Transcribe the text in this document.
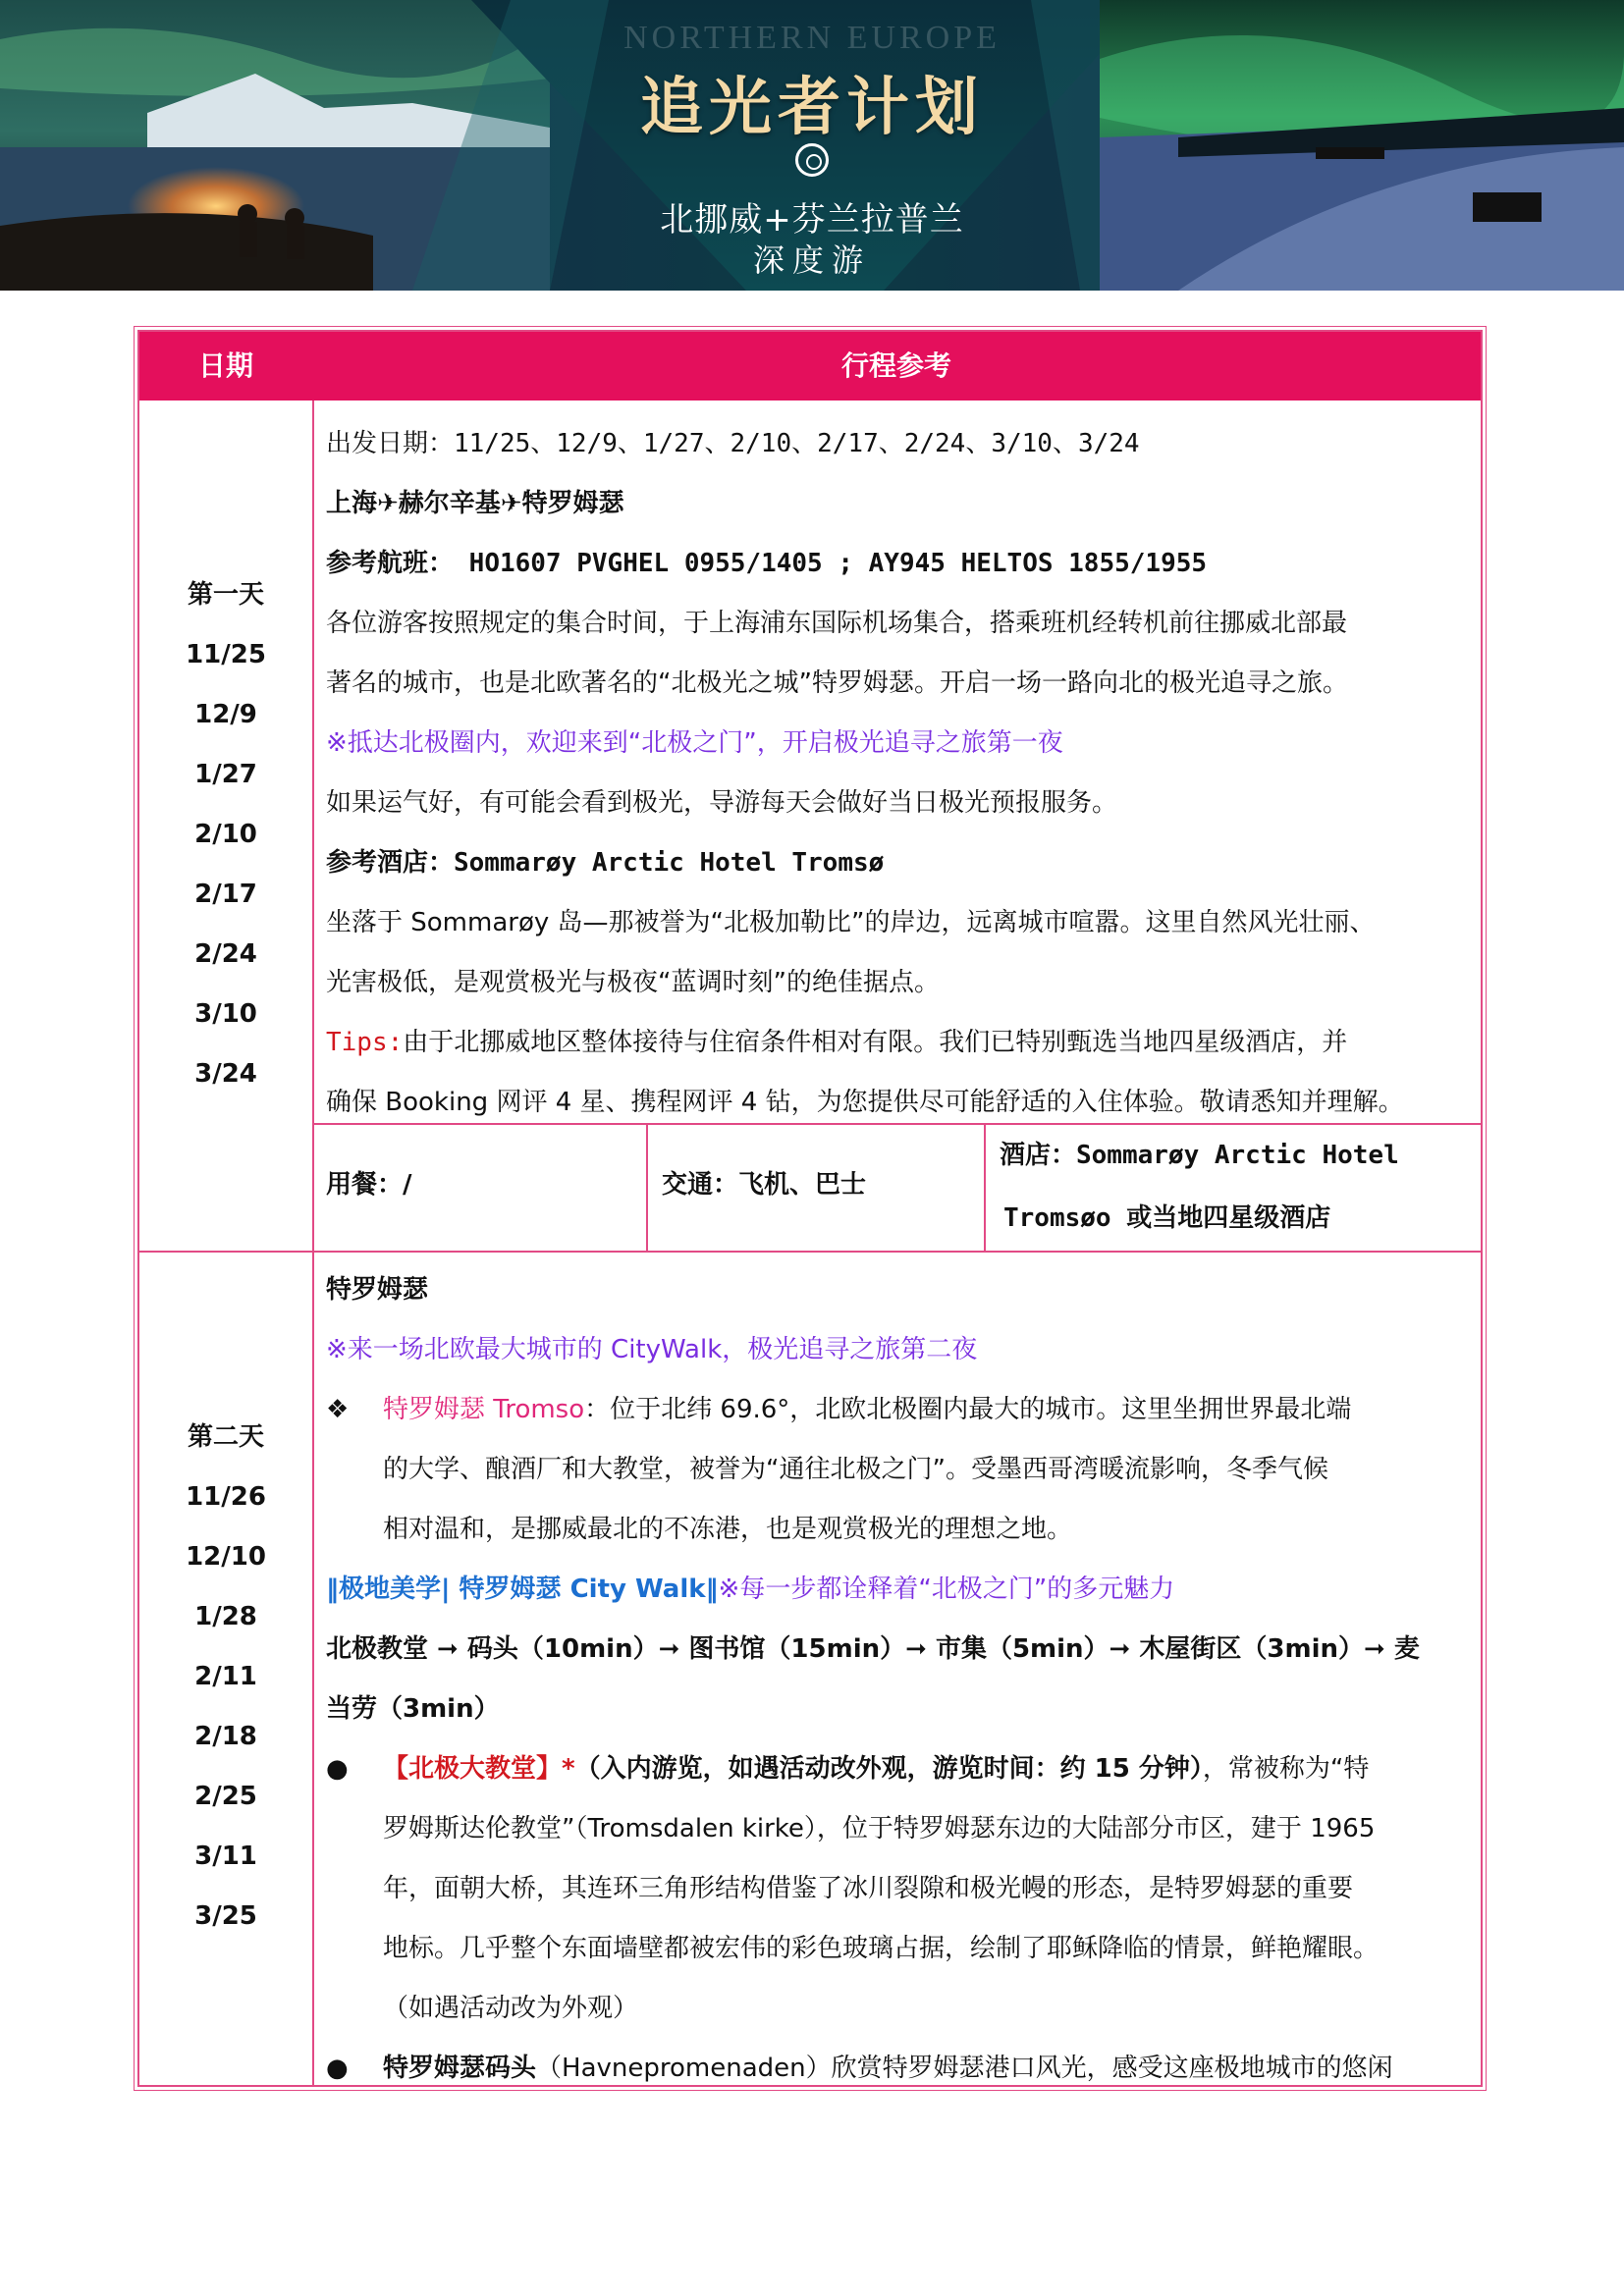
NORTHERN EUROPE
追光者计划
北挪威+芬兰拉普兰
深度游
日期	行程参考
第一天
11/25
12/9
1/27
2/10
2/17
2/24
3/10
3/24

出发日期：11/25、12/9、1/27、2/10、2/17、2/24、3/10、3/24

上海✈赫尔辛基✈特罗姆瑟

参考航班： HO1607 PVGHEL 0955/1405 ; AY945 HELTOS 1855/1955

各位游客按照规定的集合时间，于上海浦东国际机场集合，搭乘班机经转机前往挪威北部最

著名的城市，也是北欧著名的“北极光之城”特罗姆瑟。开启一场一路向北的极光追寻之旅。

※抵达北极圈内，欢迎来到“北极之门”，开启极光追寻之旅第一夜

如果运气好，有可能会看到极光，导游每天会做好当日极光预报服务。

参考酒店：Sommarøy Arctic Hotel Tromsø

坐落于 Sommarøy 岛—那被誉为“北极加勒比”的岸边，远离城市喧嚣。这里自然风光壮丽、

光害极低，是观赏极光与极夜“蓝调时刻”的绝佳据点。

Tips:由于北挪威地区整体接待与住宿条件相对有限。我们已特别甄选当地四星级酒店，并

确保 Booking 网评 4 星、携程网评 4 钻，为您提供尽可能舒适的入住体验。敬请悉知并理解。

用餐：/	交通：飞机、巴士
酒店：Sommarøy Arctic Hotel
Tromsøo 或当地四星级酒店
第二天
11/26
12/10
1/28
2/11
2/18
2/25
3/11
3/25

特罗姆瑟

※来一场北欧最大城市的 CityWalk，极光追寻之旅第二夜

❖ 特罗姆瑟 Tromso：位于北纬 69.6°，北欧北极圈内最大的城市。这里坐拥世界最北端

的大学、酿酒厂和大教堂，被誉为“通往北极之门”。受墨西哥湾暖流影响，冬季气候

相对温和，是挪威最北的不冻港，也是观赏极光的理想之地。

‖极地美学| 特罗姆瑟 City Walk‖※每一步都诠释着“北极之门”的多元魅力

北极教堂 ➞ 码头（10min）➞ 图书馆（15min）➞ 市集（5min）➞ 木屋街区（3min）➞ 麦

当劳（3min）

● 【北极大教堂】*（入内游览，如遇活动改外观，游览时间：约 15 分钟），常被称为“特

罗姆斯达伦教堂”（Tromsdalen kirke），位于特罗姆瑟东边的大陆部分市区，建于 1965

年，面朝大桥，其连环三角形结构借鉴了冰川裂隙和极光幔的形态，是特罗姆瑟的重要

地标。几乎整个东面墙壁都被宏伟的彩色玻璃占据，绘制了耶稣降临的情景，鲜艳耀眼。

（如遇活动改为外观）

● 特罗姆瑟码头（Havnepromenaden）欣赏特罗姆瑟港口风光，感受这座极地城市的悠闲
